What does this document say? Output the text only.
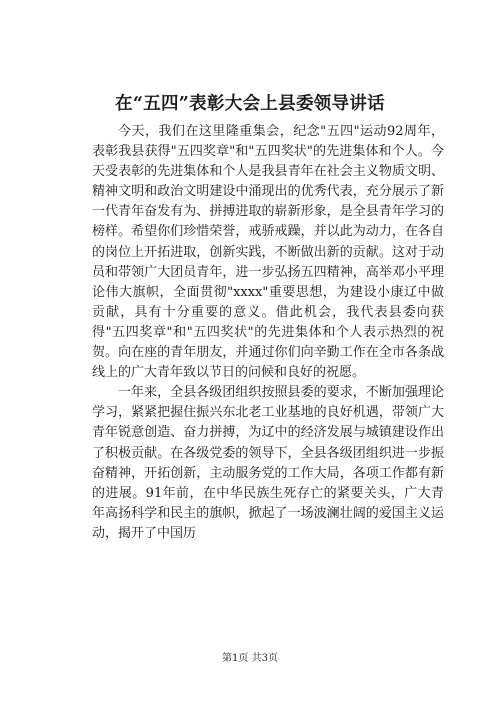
在“五四”表彰大会上县委领导讲话

今天，我们在这里隆重集会，纪念"五四"运动92周年，表彰我县获得"五四奖章"和"五四奖状"的先进集体和个人。今天受表彰的先进集体和个人是我县青年在社会主义物质文明、精神文明和政治文明建设中涌现出的优秀代表，充分展示了新一代青年奋发有为、拼搏进取的崭新形象，是全县青年学习的榜样。希望你们珍惜荣誉，戒骄戒躁，并以此为动力，在各自的岗位上开拓进取，创新实践，不断做出新的贡献。这对于动员和带领广大团员青年，进一步弘扬五四精神，高举邓小平理论伟大旗帜，全面贯彻"xxxx"重要思想，为建设小康辽中做贡献，具有十分重要的意义。借此机会，我代表县委向获得"五四奖章"和"五四奖状"的先进集体和个人表示热烈的祝贺。向在座的青年朋友，并通过你们向辛勤工作在全市各条战线上的广大青年致以节日的问候和良好的祝愿。

一年来，全县各级团组织按照县委的要求，不断加强理论学习，紧紧把握住振兴东北老工业基地的良好机遇，带领广大青年锐意创造、奋力拼搏，为辽中的经济发展与城镇建设作出了积极贡献。在各级党委的领导下，全县各级团组织进一步振奋精神，开拓创新，主动服务党的工作大局，各项工作都有新的进展。91年前，在中华民族生死存亡的紧要关头，广大青年高扬科学和民主的旗帜，掀起了一场波澜壮阔的爱国主义运动，揭开了中国历

第1页 共3页
